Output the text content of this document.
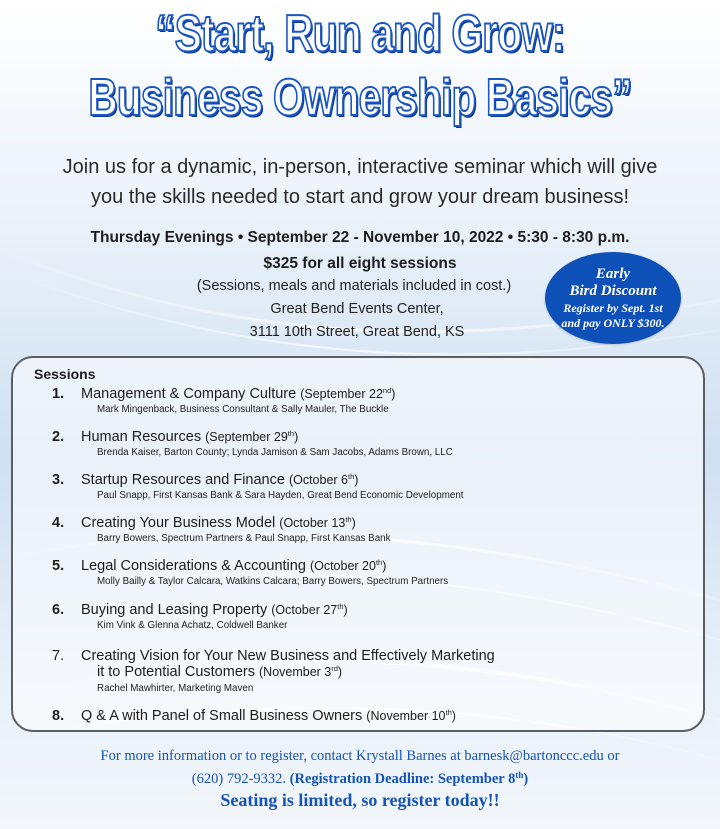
“Start, Run and Grow:
Business Ownership Basics”
Join us for a dynamic, in-person, interactive seminar which will give
you the skills needed to start and grow your dream business!
Thursday Evenings • September 22 - November 10, 2022 • 5:30 - 8:30 p.m.
$325 for all eight sessions
(Sessions, meals and materials included in cost.)
Great Bend Events Center,
3111 10th Street, Great Bend, KS
Early
Bird Discount
Register by Sept. 1st
and pay ONLY $300.
Sessions
1. Management & Company Culture (September 22nd)
Mark Mingenback, Business Consultant & Sally Mauler, The Buckle
2. Human Resources (September 29th)
Brenda Kaiser, Barton County; Lynda Jamison & Sam Jacobs, Adams Brown, LLC
3. Startup Resources and Finance (October 6th)
Paul Snapp, First Kansas Bank & Sara Hayden, Great Bend Economic Development
4. Creating Your Business Model (October 13th)
Barry Bowers, Spectrum Partners & Paul Snapp, First Kansas Bank
5. Legal Considerations & Accounting (October 20th)
Molly Bailly & Taylor Calcara, Watkins Calcara; Barry Bowers, Spectrum Partners
6. Buying and Leasing Property (October 27th)
Kim Vink & Glenna Achatz, Coldwell Banker
7. Creating Vision for Your New Business and Effectively Marketing
it to Potential Customers (November 3rd)
Rachel Mawhirter, Marketing Maven
8. Q & A with Panel of Small Business Owners (November 10th)
For more information or to register, contact Krystall Barnes at barnesk@bartonccc.edu or
(620) 792-9332. (Registration Deadline: September 8th)
Seating is limited, so register today!!
